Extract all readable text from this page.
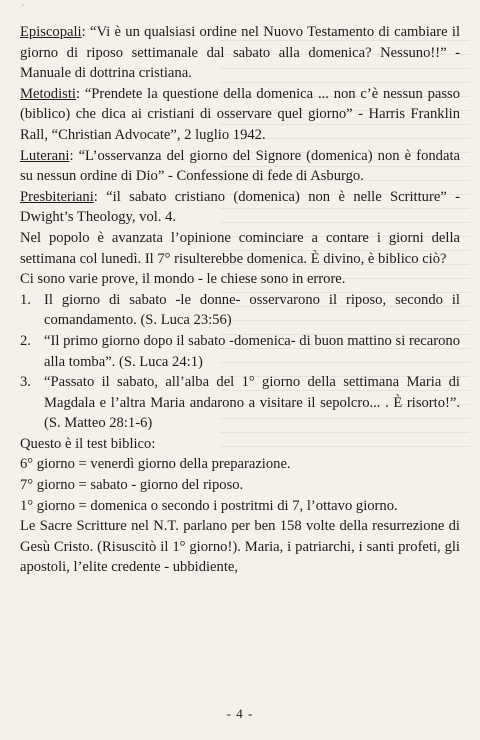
´

Episcopali: “Vi è un qualsiasi ordine nel Nuovo Testamento di cambiare il giorno di riposo settimanale dal sabato alla domenica? Nessuno!!” - Manuale di dottrina cristiana.

Metodisti: “Prendete la questione della domenica ... non c’è nessun passo (biblico) che dica ai cristiani di osservare quel giorno” - Harris Franklin Rall, “Christian Advocate”, 2 luglio 1942.

Luterani: “L’osservanza del giorno del Signore (domenica) non è fondata su nessun ordine di Dio” - Confessione di fede di Asburgo.

Presbiteriani: “il sabato cristiano (domenica) non è nelle Scritture” - Dwight’s Theology, vol. 4.

Nel popolo è avanzata l’opinione cominciare a contare i giorni della settimana col lunedì. Il 7° risulterebbe domenica. È divino, è biblico ciò?

Ci sono varie prove, il mondo - le chiese sono in errore.

1. Il giorno di sabato -le donne- osservarono il riposo, secondo il comandamento. (S. Luca 23:56)
2. “Il primo giorno dopo il sabato -domenica- di buon mattino si recarono alla tomba”. (S. Luca 24:1)
3. “Passato il sabato, all’alba del 1° giorno della settimana Maria di Magdala e l’altra Maria andarono a visitare il sepolcro... . È risorto!”. (S. Matteo 28:1-6)

Questo è il test biblico:

6° giorno = venerdì giorno della preparazione.

7° giorno = sabato - giorno del riposo.

1° giorno = domenica o secondo i postritmi di 7, l’ottavo giorno.

Le Sacre Scritture nel N.T. parlano per ben 158 volte della resurrezione di Gesù Cristo. (Risuscitò il 1° giorno!). Maria, i patriarchi, i santi profeti, gli apostoli, l’elite credente - ubbidiente,

- 4 -
